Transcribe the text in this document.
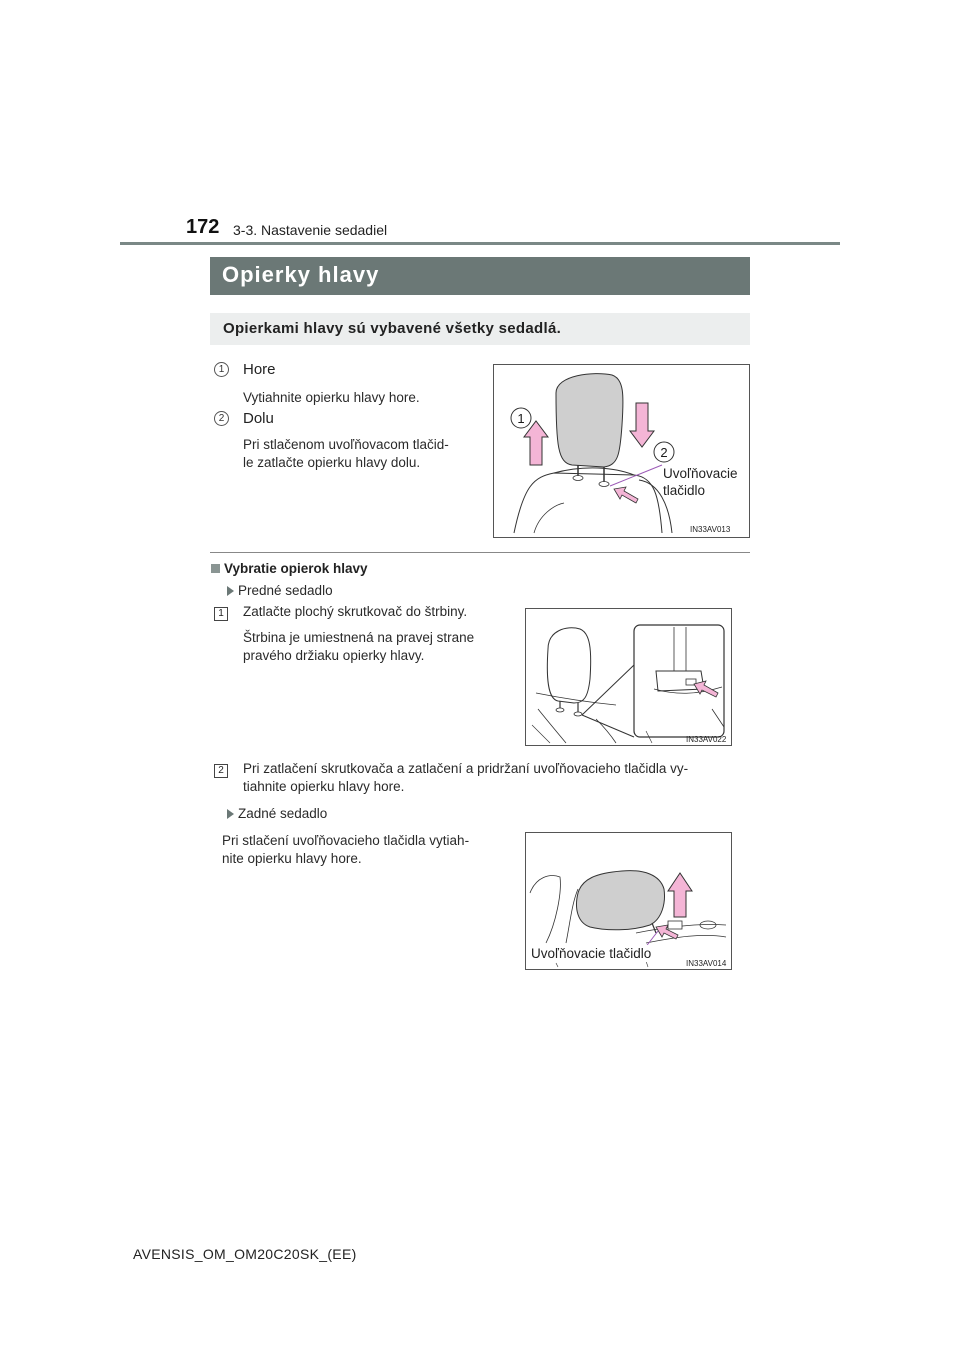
172 3-3. Nastavenie sedadiel
Opierky hlavy
Opierkami hlavy sú vybavené všetky sedadlá.
1	Hore
Vytiahnite opierku hlavy hore.
2	Dolu
Pri stlačenom uvoľňovacom tlačid-
le zatlačte opierku hlavy dolu.
1
2
Uvoľňovacie
tlačidlo
IN33AV013
Vybratie opierok hlavy
Predné sedadlo
1	Zatlačte plochý skrutkovač do štrbiny.
Štrbina je umiestnená na pravej strane
pravého držiaku opierky hlavy.
IN33AV022
2	Pri zatlačení skrutkovača a zatlačení a pridržaní uvoľňovacieho tlačidla vy-
tiahnite opierku hlavy hore.
Zadné sedadlo
Pri stlačení uvoľňovacieho tlačidla vytiah-
nite opierku hlavy hore.
Uvoľňovacie tlačidlo
IN33AV014
AVENSIS_OM_OM20C20SK_(EE)
